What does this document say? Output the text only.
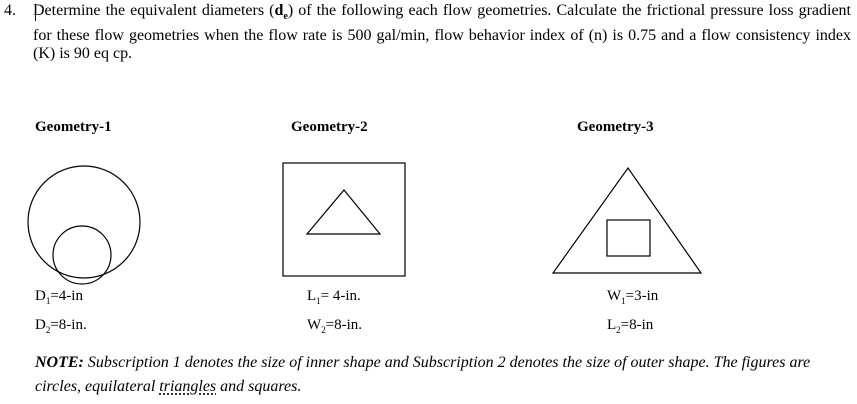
4. Determine the equivalent diameters $(d_e)$ of the following each flow geometries. Calculate the frictional pressure loss gradient for these flow geometries when the flow rate is 500 gal/min, flow behavior index of (n) is 0.75 and a flow consistency index (K) is 90 eq cp.
Geometry-1	Geometry-2	Geometry-3
$D_1=4-in$
$D_2=8-in$.
$L_1= 4-in$.
$W_2=8-in$.
$W_1=3-in$
$L_2=8-in$
NOTE: Subscription 1 denotes the size of inner shape and Subscription 2 denotes the size of outer shape. The figures are circles, equilateral triangles and squares.
